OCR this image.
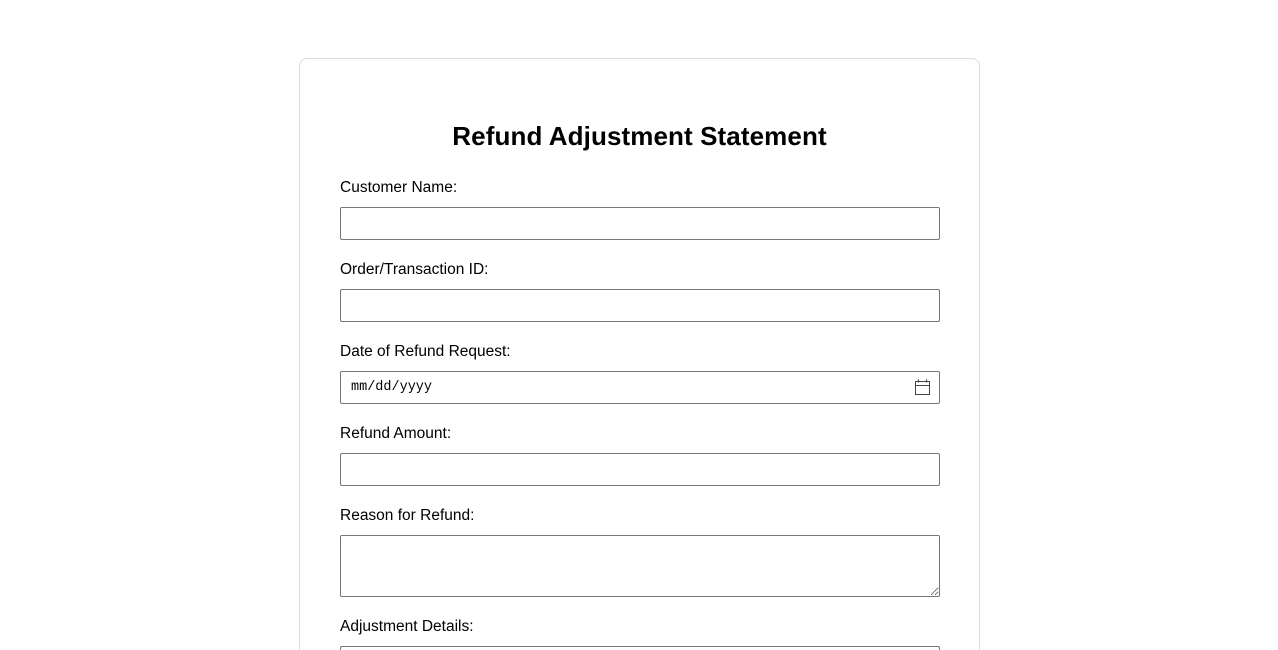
Refund Adjustment Statement
Customer Name:
Order/Transaction ID:
Date of Refund Request:
mm/dd/yyyy
Refund Amount:
Reason for Refund:
Adjustment Details:
